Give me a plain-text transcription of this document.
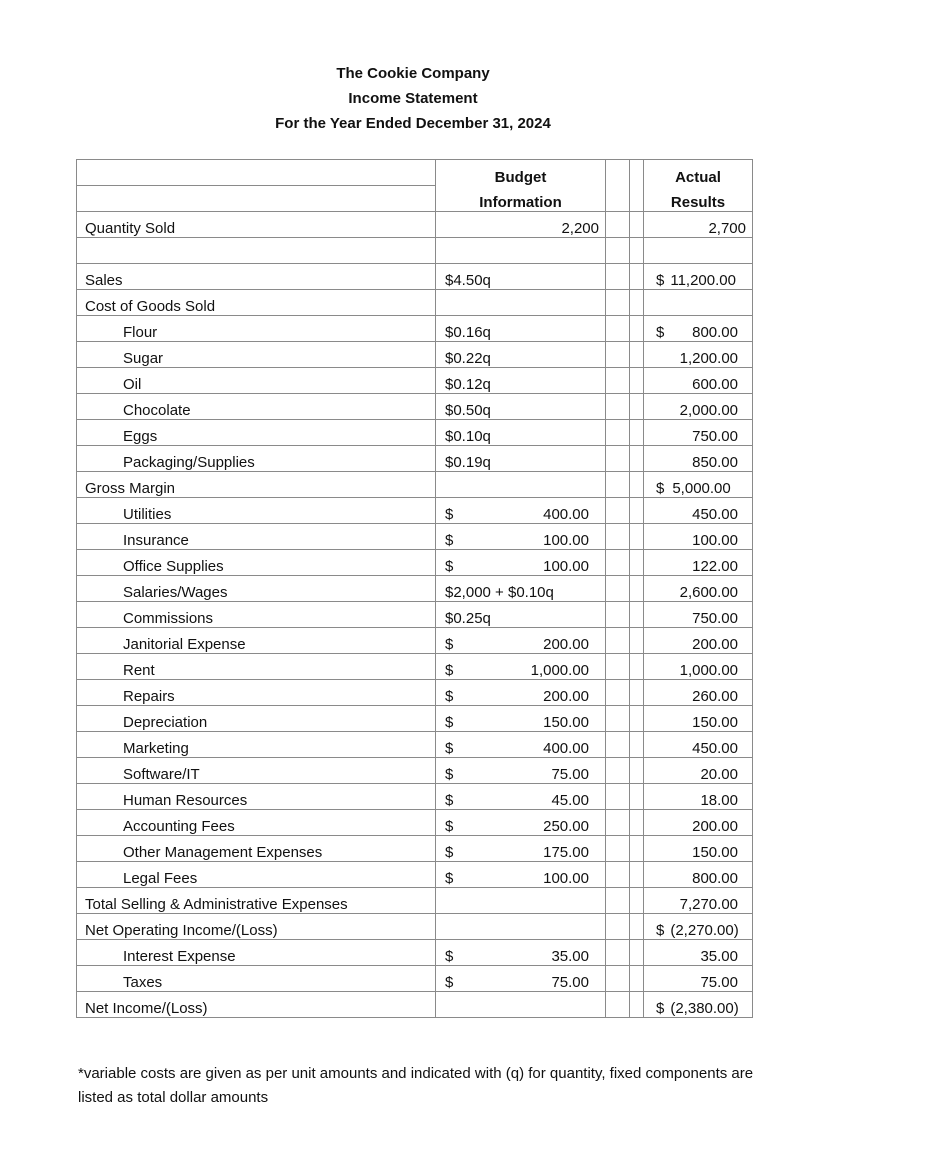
The Cookie Company
Income Statement
For the Year Ended December 31, 2024
	Budget			Actual
	Information			Results
Quantity Sold	2,200			2,700

Sales	$4.50q			$ 11,200.00

Cost of Goods Sold				
Flour	$0.16q			$ 800.00

Sugar	$0.22q			1,200.00
Oil	$0.12q			600.00
Chocolate	$0.50q			2,000.00
Eggs	$0.10q			750.00
Packaging/Supplies	$0.19q			850.00
Gross Margin				$ 5,000.00

Utilities	$ 400.00			450.00
Insurance	$ 100.00			100.00
Office Supplies	$ 100.00			122.00
Salaries/Wages	$2,000 + $0.10q			2,600.00
Commissions	$0.25q			750.00
Janitorial Expense	$ 200.00			200.00
Rent	$ 1,000.00			1,000.00
Repairs	$ 200.00			260.00
Depreciation	$ 150.00			150.00
Marketing	$ 400.00			450.00
Software/IT	$ 75.00			20.00
Human Resources	$ 45.00			18.00
Accounting Fees	$ 250.00			200.00
Other Management Expenses	$ 175.00			150.00
Legal Fees	$ 100.00			800.00
Total Selling & Administrative Expenses				7,270.00
Net Operating Income/(Loss)				$ (2,270.00)

Interest Expense	$ 35.00			35.00
Taxes	$ 75.00			75.00
Net Income/(Loss)				$ (2,380.00)
*variable costs are given as per unit amounts and indicated with (q) for quantity, fixed components are
listed as total dollar amounts
